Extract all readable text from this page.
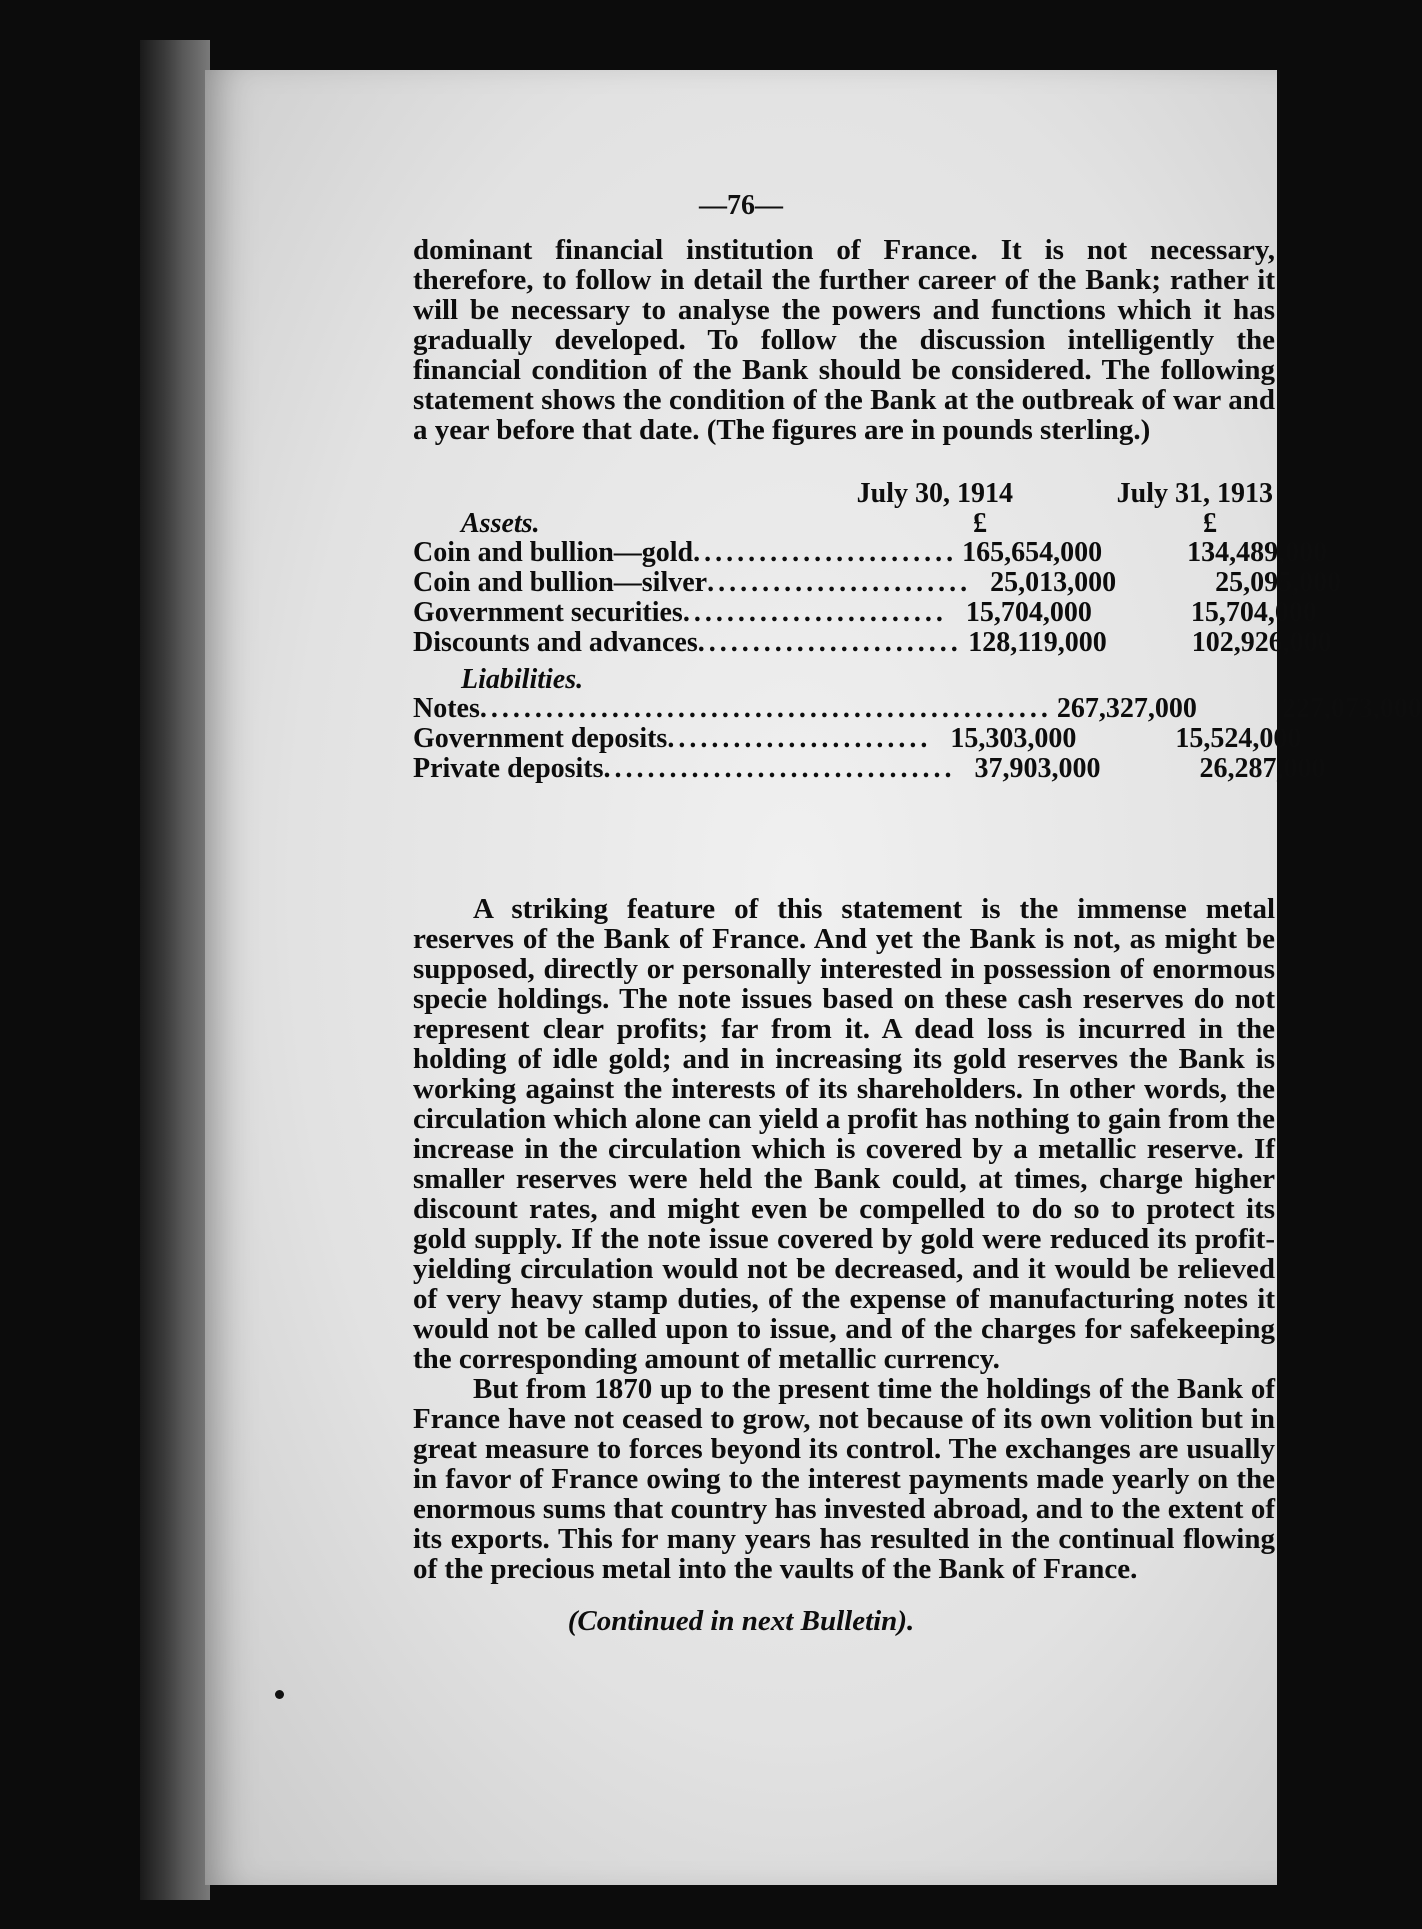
—76—
dominant financial institution of France. It is not necessary, therefore, to follow in detail the further career of the Bank; rather it will be necessary to analyse the powers and functions which it has gradually developed. To follow the discussion intelligently the financial condition of the Bank should be considered. The following statement shows the condition of the Bank at the outbreak of war and a year before that date. (The figures are in pounds sterling.)
July 30, 1914	July 31, 1913
Assets.	£	£
Coin and bullion—gold ........................ 165,654,000	134,489,000
Coin and bullion—silver ........................ 25,013,000	25,095,000
Government securities ........................ 15,704,000	15,704,000
Discounts and advances ........................ 128,119,000	102,926,000
Liabilities.
Notes .................................................... 267,327,000	227,073,000
Government deposits ........................ 15,303,000	15,524,000
Private deposits ................................ 37,903,000	26,287,000

A striking feature of this statement is the immense metal reserves of the Bank of France. And yet the Bank is not, as might be supposed, directly or personally interested in possession of enormous specie holdings. The note issues based on these cash reserves do not represent clear profits; far from it. A dead loss is incurred in the holding of idle gold; and in increasing its gold reserves the Bank is working against the interests of its shareholders. In other words, the circulation which alone can yield a profit has nothing to gain from the increase in the circulation which is covered by a metallic reserve. If smaller reserves were held the Bank could, at times, charge higher discount rates, and might even be compelled to do so to protect its gold supply. If the note issue covered by gold were reduced its profit-yielding circulation would not be decreased, and it would be relieved of very heavy stamp duties, of the expense of manufacturing notes it would not be called upon to issue, and of the charges for safekeeping the corresponding amount of metallic currency.

But from 1870 up to the present time the holdings of the Bank of France have not ceased to grow, not because of its own volition but in great measure to forces beyond its control. The exchanges are usually in favor of France owing to the interest payments made yearly on the enormous sums that country has invested abroad, and to the extent of its exports. This for many years has resulted in the continual flowing of the precious metal into the vaults of the Bank of France.

(Continued in next Bulletin).
